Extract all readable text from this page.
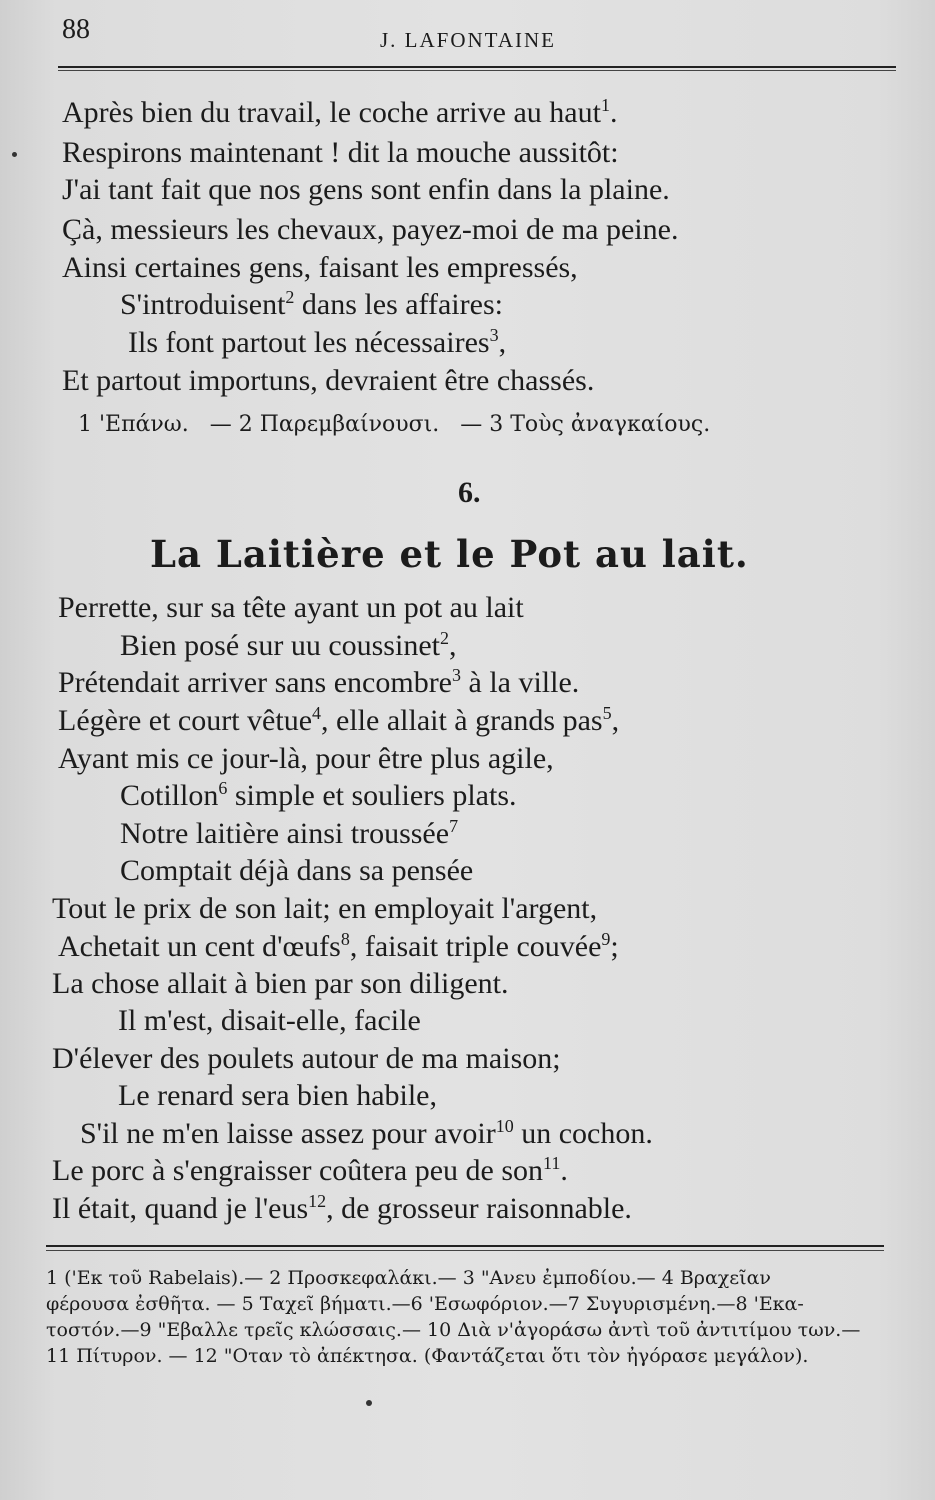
88	J. LAFONTAINE
Après bien du travail, le coche arrive au haut$^1$.
Respirons maintenant ! dit la mouche aussitôt:
J'ai tant fait que nos gens sont enfin dans la plaine.
Çà, messieurs les chevaux, payez-moi de ma peine.
Ainsi certaines gens, faisant les empressés,
S'introduisent$^2$ dans les affaires:
Ils font partout les nécessaires$^3$,
Et partout importuns, devraient être chassés.
1 'Επάνω. — 2 Παρεμβαίνουσι. — 3 Τοὺς ἀναγκαίους.
6.
La Laitière et le Pot au lait.
Perrette, sur sa tête ayant un pot au lait
Bien posé sur uu coussinet$^2$,
Prétendait arriver sans encombre$^3$ à la ville.
Légère et court vêtue$^4$, elle allait à grands pas$^5$,
Ayant mis ce jour-là, pour être plus agile,
Cotillon$^6$ simple et souliers plats.
Notre laitière ainsi troussée$^7$
Comptait déjà dans sa pensée
Tout le prix de son lait; en employait l'argent,
Achetait un cent d'œufs$^8$, faisait triple couvée$^9$;
La chose allait à bien par son diligent.
Il m'est, disait-elle, facile
D'élever des poulets autour de ma maison;
Le renard sera bien habile,
S'il ne m'en laisse assez pour avoir$^{10}$ un cochon.
Le porc à s'engraisser coûtera peu de son$^{11}$.
Il était, quand je l'eus$^{12}$, de grosseur raisonnable.
1 ('Εκ τοῦ Rabelais).— 2 Προσκεφαλάκι.— 3 "Ανευ ἐμποδίου.— 4 Βραχεῖαν
φέρουσα ἐσθῆτα. — 5 Ταχεῖ βήματι.—6 'Εσωφόριον.—7 Συγυρισμένη.—8 'Εκα-
τοστόν.—9 "Εβαλλε τρεῖς κλώσσαις.— 10 Διὰ ν'ἀγοράσω ἀντὶ τοῦ ἀντιτίμου των.—
11 Πίτυρον. — 12 "Οταν τὸ ἀπέκτησα. (Φαντάζεται ὅτι τὸν ἠγόρασε μεγάλον).
